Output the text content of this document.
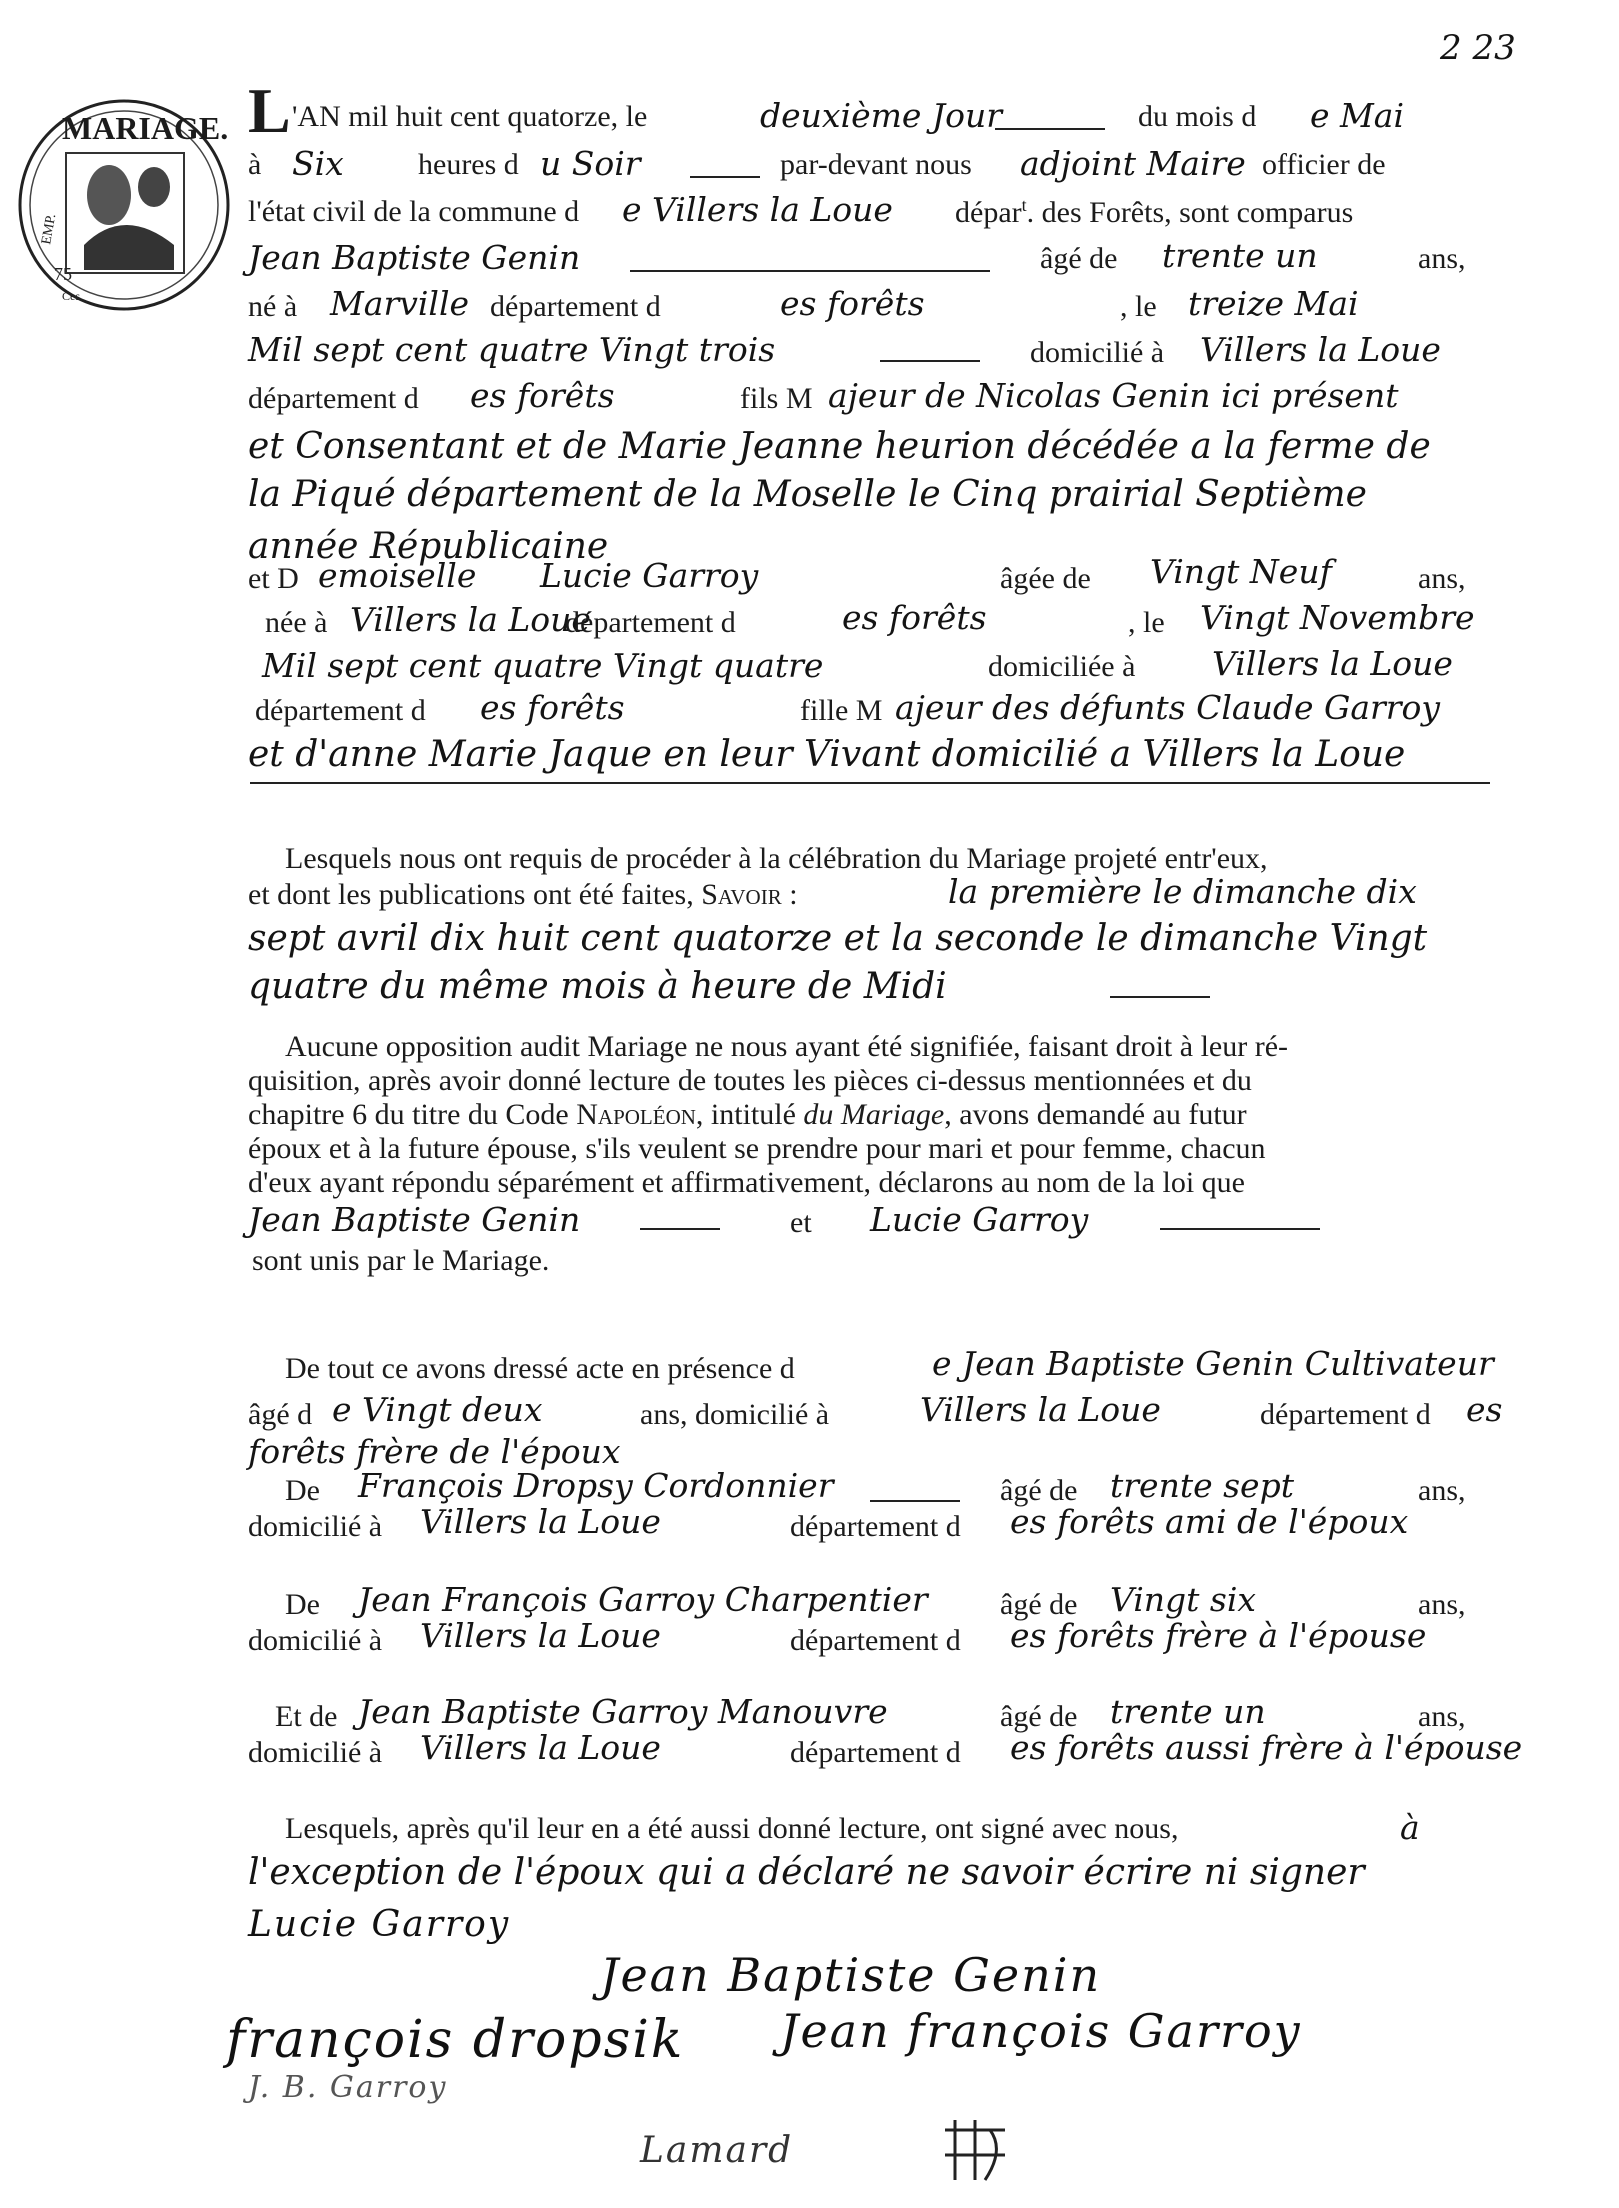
2 23
EMP.
75
Ces
MARIAGE. L 'AN mil huit cent quatorze, le	deuxième Jour	du mois d e Mai
à Six heures d u Soir	par-devant nous adjoint Maire officier de
l'état civil de la commune d e Villers la Loue dépar$^t$. des Forêts, sont comparus
Jean Baptiste Genin	âgé de trente un	ans,
né à Marville département d	es forêts	, le treize Mai
Mil sept cent quatre Vingt trois	domicilié à Villers la Loue
département d es forêts	fils M ajeur de Nicolas Genin ici présent
et Consentant et de Marie Jeanne heurion décédée a la ferme de
la Piqué département de la Moselle le Cinq prairial Septième
année Républicaine
et D emoiselle Lucie Garroy	âgée de Vingt Neuf	ans,
née à Villers la Loue
département d	es forêts	, le Vingt Novembre
Mil sept cent quatre Vingt quatre	domiciliée à Villers la Loue
département d es forêts	fille M ajeur des défunts Claude Garroy
et d'anne Marie Jaque en leur Vivant domicilié a Villers la Loue
Lesquels nous ont requis de procéder à la célébration du Mariage projeté entr'eux,
et dont les publications ont été faites, Savoir :	la première le dimanche dix
sept avril dix huit cent quatorze et la seconde le dimanche Vingt
quatre du même mois à heure de Midi
Aucune opposition audit Mariage ne nous ayant été signifiée, faisant droit à leur ré-
quisition, après avoir donné lecture de toutes les pièces ci-dessus mentionnées et du
chapitre 6 du titre du Code Napoléon, intitulé du Mariage, avons demandé au futur
époux et à la future épouse, s'ils veulent se prendre pour mari et pour femme, chacun
d'eux ayant répondu séparément et affirmativement, déclarons au nom de la loi que
Jean Baptiste Genin	et Lucie Garroy
sont unis par le Mariage.
De tout ce avons dressé acte en présence d	e Jean Baptiste Genin Cultivateur
âgé d e Vingt deux	ans, domicilié à	Villers la Loue	département d es
forêts frère de l'époux
De François Dropsy Cordonnier	âgé de trente sept	ans,
domicilié à Villers la Loue	département d es forêts ami de l'époux
De Jean François Garroy Charpentier âgé de Vingt six	ans,
domicilié à Villers la Loue	département d es forêts frère à l'épouse
Et de Jean Baptiste Garroy Manouvre	âgé de trente un	ans,
domicilié à Villers la Loue	département d es forêts aussi frère à l'épouse
Lesquels, après qu'il leur en a été aussi donné lecture, ont signé avec nous,	à
l'exception de l'époux qui a déclaré ne savoir écrire ni signer
Lucie Garroy
Jean Baptiste Genin
françois dropsik Jean françois Garroy
J. B. Garroy
Lamard
